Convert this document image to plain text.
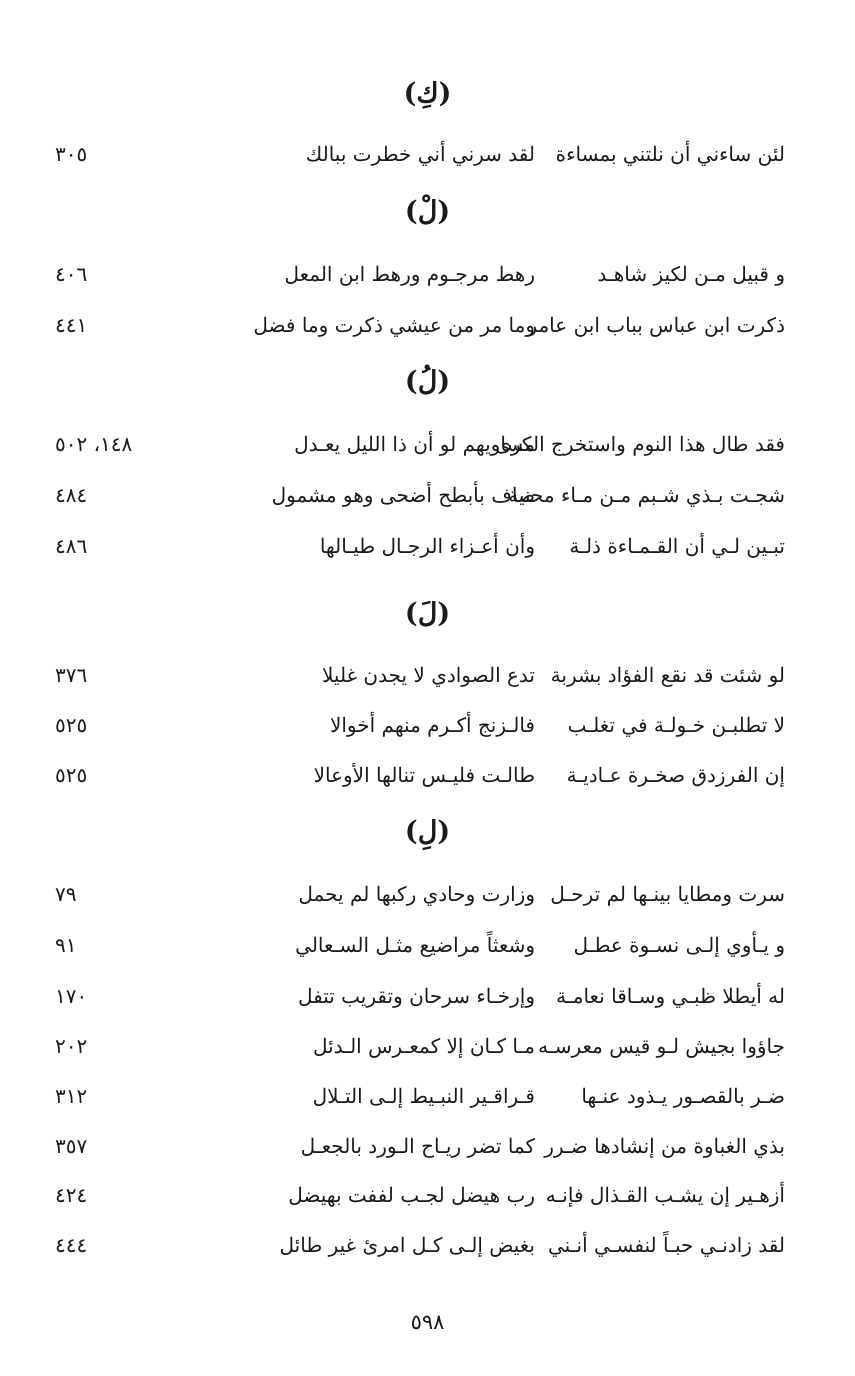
(كِ)
لئن ساءني أن نلتني بمساءة
لقد سرني أني خطرت ببالك
٣٠٥
(لْ)
و قبيل مـن لكيز شاهـد
رهط مرجـوم ورهط ابن المعل
٤٠٦
ذكرت ابن عباس بباب ابن عامر
وما مر من عيشي ذكرت وما فضل
٤٤١
(لُ)
فقد طال هذا النوم واستخرج الكرى
مساويهم لو أن ذا الليل يعـدل
١٤٨، ٥٠٢
شجـت بـذي شـبم مـن مـاء محنية
صاف بأبطح أضحى وهو مشمول
٤٨٤
تبـين لـي أن القـمـاءة ذلـة
وأن أعـزاء الرجـال طيـالها
٤٨٦
(لَ)
لو شئت قد نقع الفؤاد بشربة
تدع الصوادي لا يجدن غليلا
٣٧٦
لا تطلبـن خـولـة في تغلـب
فالـزنج أكـرم منهم أخوالا
٥٢٥
إن الفرزدق صخـرة عـاديـة
طالـت فليـس تنالها الأوعالا
٥٢٥
(لِ)
سرت ومطايا بينـها لم ترحـل
وزارت وحادي ركبها لم يحمل
٧٩
و يـأوي إلـى نسـوة عطـل
وشعثاً مراضيع مثـل السـعالي
٩١
له أيطلا ظبـي وسـاقا نعامـة
وإرخـاء سرحان وتقريب تتفل
١٧٠
جاؤوا بجيش لـو قيس معرسـه
مـا كـان إلا كمعـرس الـدئل
٢٠٢
ضـر بالقصـور يـذود عنـها
قـراقـير النبـيط إلـى التـلال
٣١٢
بذي الغباوة من إنشادها ضـرر
كما تضر ريـاح الـورد بالجعـل
٣٥٧
أزهـير إن يشـب القـذال فإنـه
رب هيضل لجـب لففت بهيضل
٤٢٤
لقد زادنـي حبـاً لنفسـي أنـني
بغيض إلـى كـل امرئ غير طائل
٤٤٤
٥٩٨
